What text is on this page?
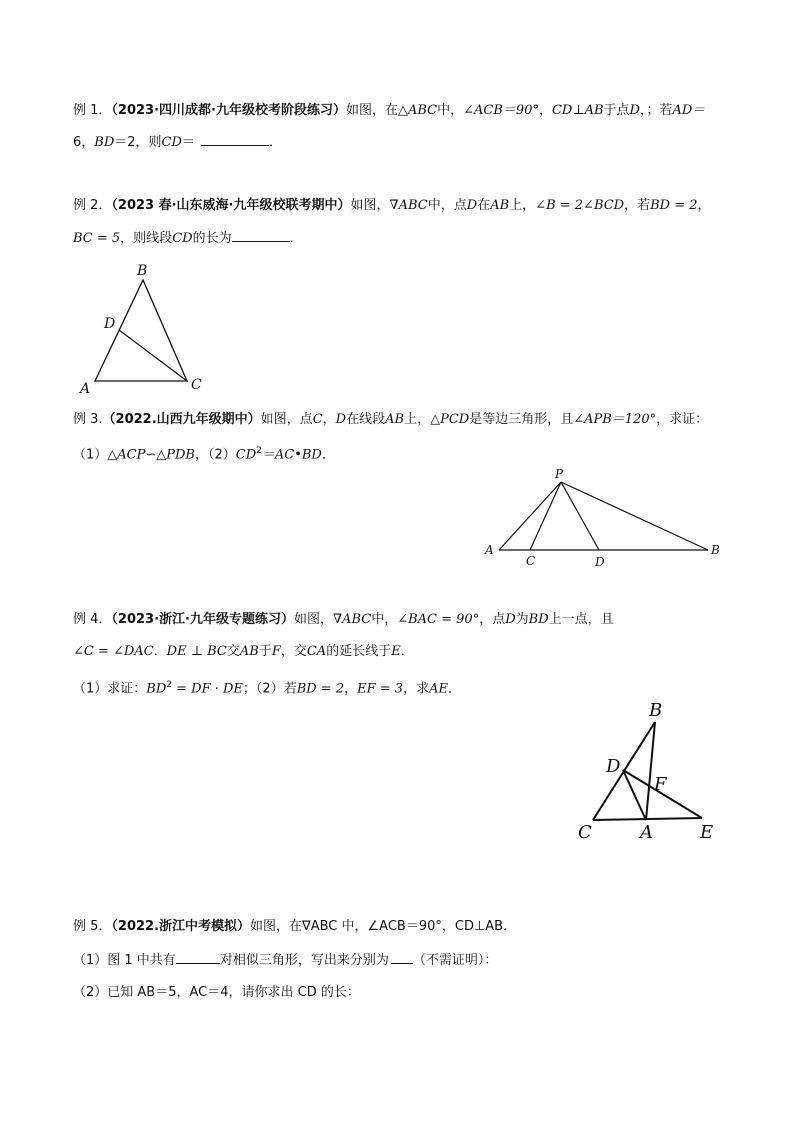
例 1．（2023·四川成都·九年级校考阶段练习）如图，在△ABC中，∠ACB＝90°，CD⊥AB于点D，；若AD＝
6，BD＝2，则CD＝	．
例 2．（2023 春·山东威海·九年级校联考期中）如图，∇ABC中，点D在AB上，∠B = 2∠BCD，若BD = 2，
BC = 5，则线段CD的长为	．
B
D
A	C
例 3.（2022.山西九年级期中）如图，点C，D在线段AB上，△PCD是等边三角形，且∠APB＝120°，求证：
（1）△ACP∽△PDB，$(2)CD^2=AC•BD$．
P
A
C	D
B
例 4．（2023·浙江·九年级专题练习）如图，∇ABC中，∠BAC = 90°，点D为BD上一点，且
∠C = ∠DAC．DE ⊥ BC交AB于F，交CA的延长线于E．
（1）求证：$BD^2$ = DF · DE；（2）若BD = 2，EF = 3，求AE．
B
D
F
C	A	E
例 5．（2022.浙江中考模拟）如图，在∇ABC 中，∠ACB＝90°，CD⊥AB．
（1）图 1 中共有	对相似三角形，写出来分别为 （不需证明）：
（2）已知 AB＝5，AC＝4，请你求出 CD 的长：
